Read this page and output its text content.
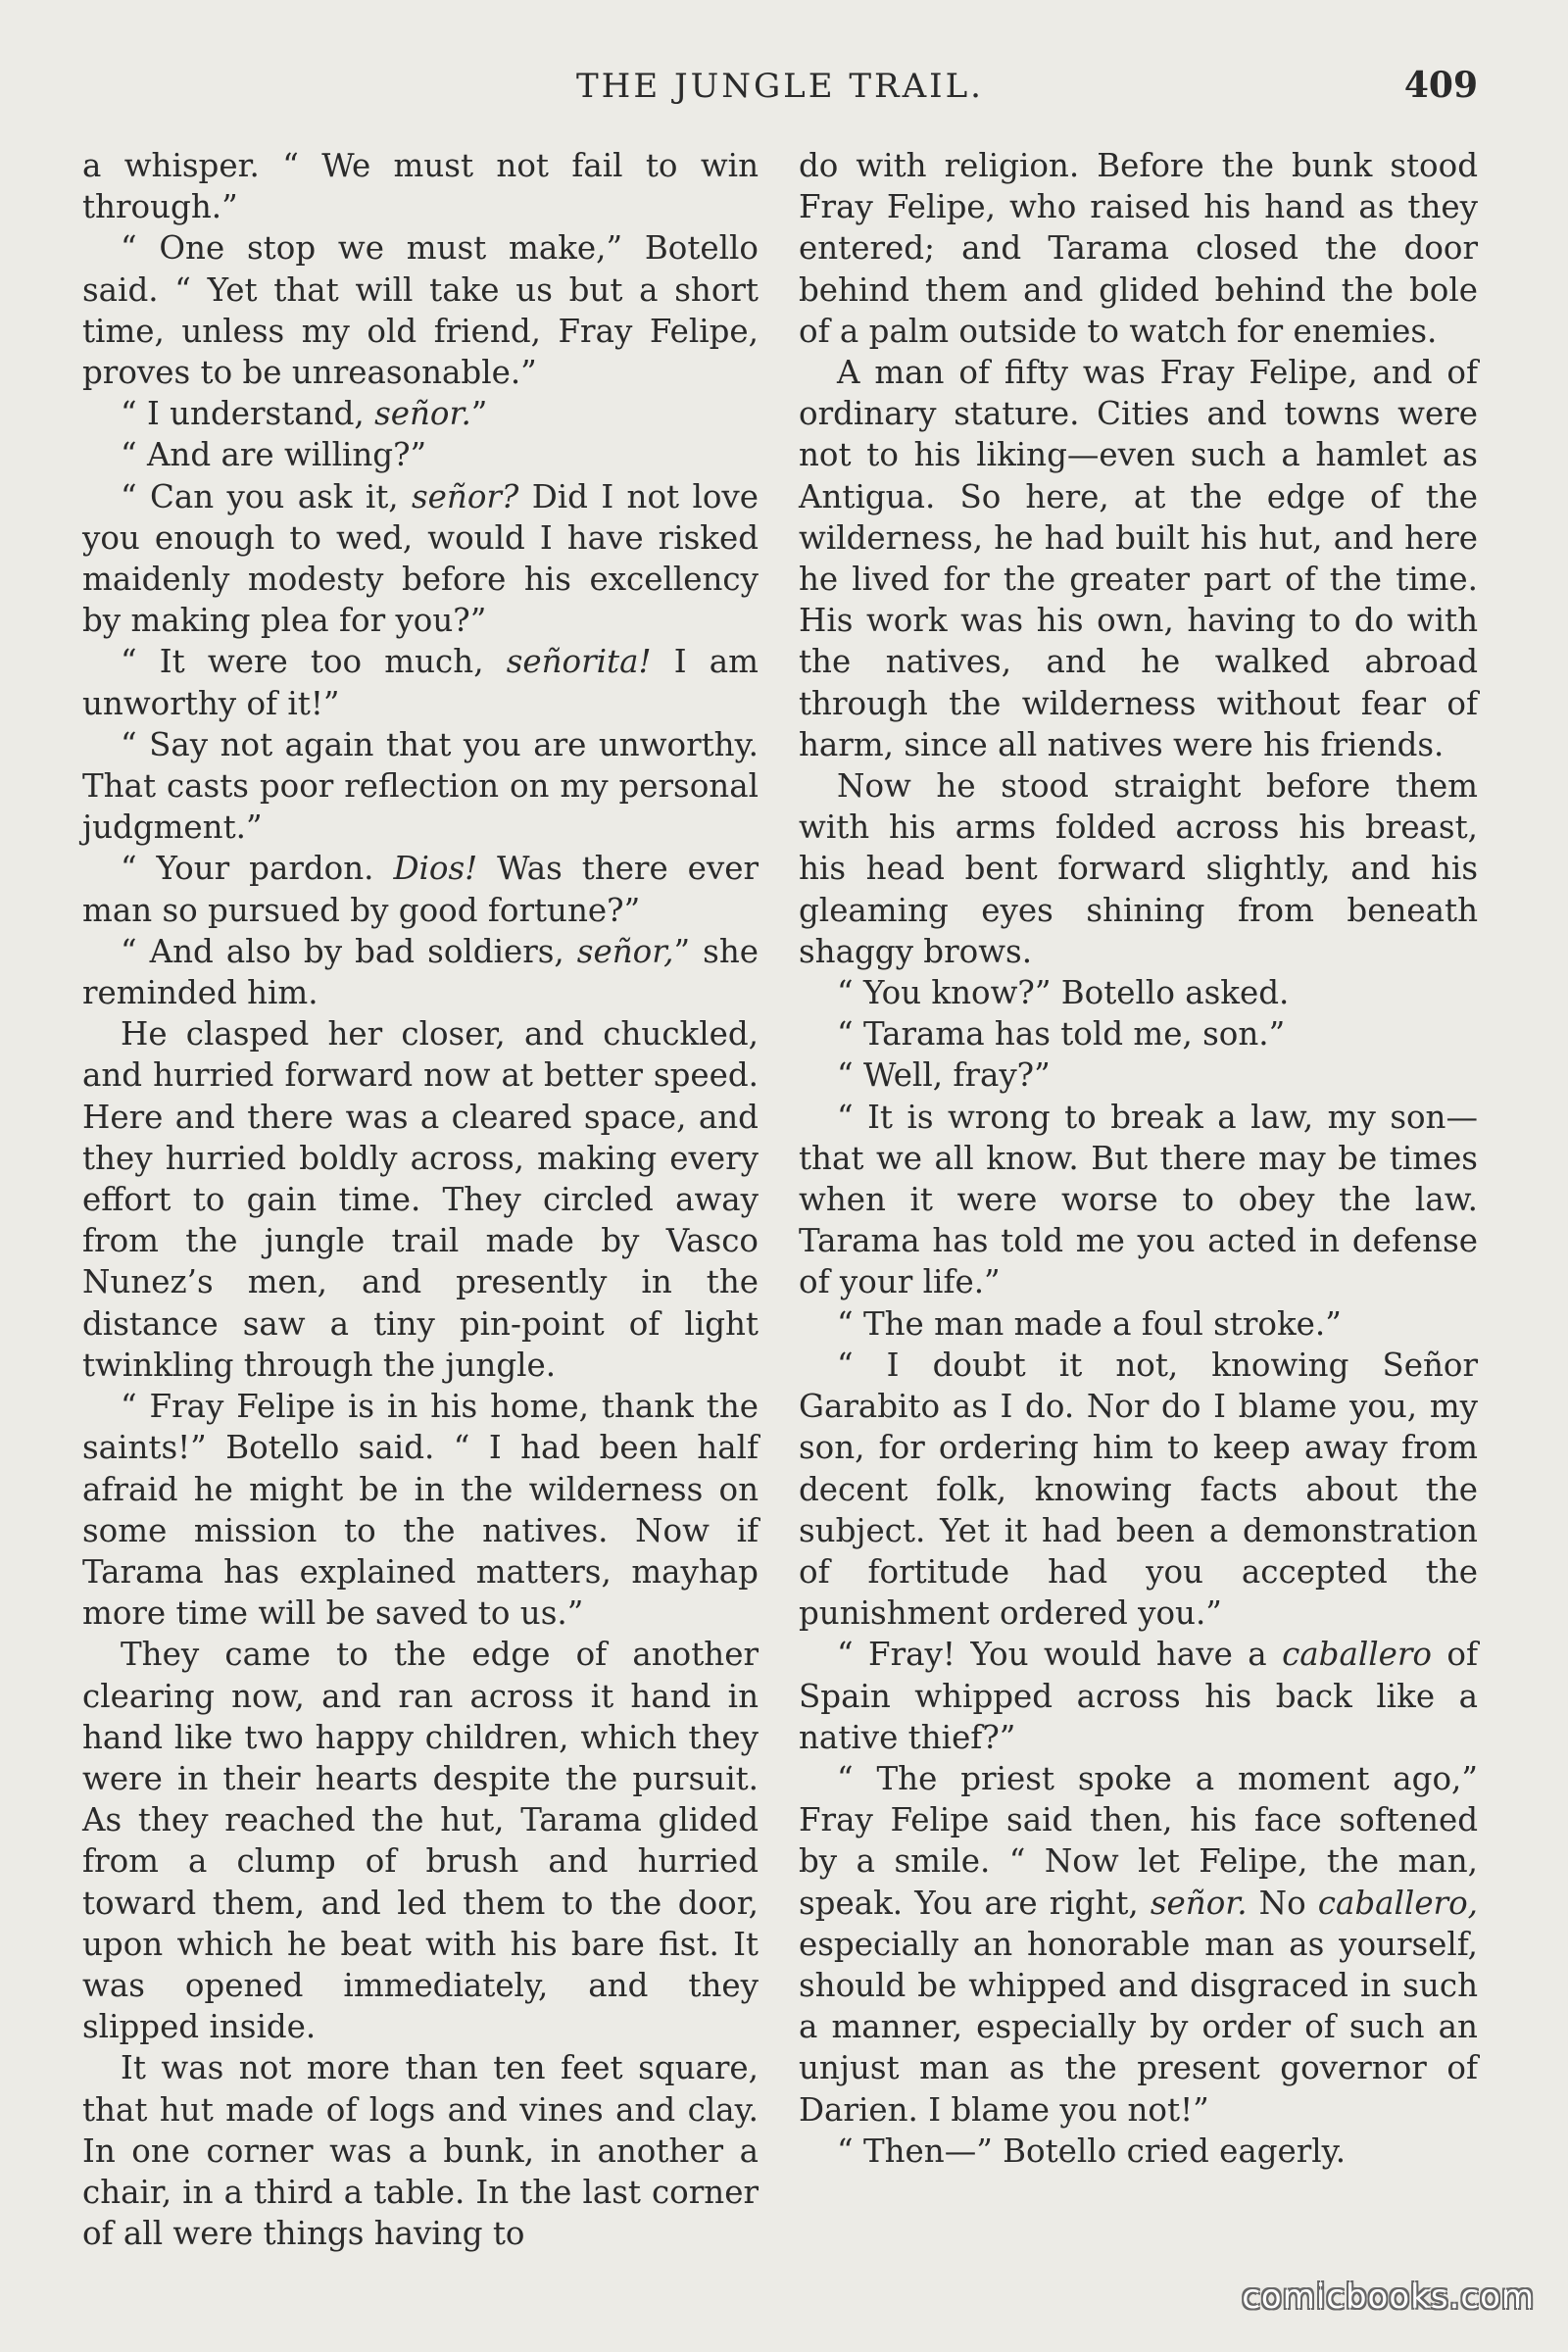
THE JUNGLE TRAIL.	409

a whisper. “ We must not fail to win through.”

“ One stop we must make,” Botello said. “ Yet that will take us but a short time, unless my old friend, Fray Felipe, proves to be unreasonable.”

“ I understand, señor.”

“ And are willing?”

“ Can you ask it, señor? Did I not love you enough to wed, would I have risked maidenly modesty before his excellency by making plea for you?”

“ It were too much, señorita! I am unworthy of it!”

“ Say not again that you are unworthy. That casts poor reflection on my personal judgment.”

“ Your pardon. Dios! Was there ever man so pursued by good fortune?”

“ And also by bad soldiers, señor,” she reminded him.

He clasped her closer, and chuckled, and hurried forward now at better speed. Here and there was a cleared space, and they hurried boldly across, making every effort to gain time. They circled away from the jungle trail made by Vasco Nunez’s men, and presently in the distance saw a tiny pin-point of light twinkling through the jungle.

“ Fray Felipe is in his home, thank the saints!” Botello said. “ I had been half afraid he might be in the wilderness on some mission to the natives. Now if Tarama has explained matters, mayhap more time will be saved to us.”

They came to the edge of another clearing now, and ran across it hand in hand like two happy children, which they were in their hearts despite the pursuit. As they reached the hut, Tarama glided from a clump of brush and hurried toward them, and led them to the door, upon which he beat with his bare fist. It was opened immediately, and they slipped inside.

It was not more than ten feet square, that hut made of logs and vines and clay. In one corner was a bunk, in another a chair, in a third a table. In the last corner of all were things having to

do with religion. Before the bunk stood Fray Felipe, who raised his hand as they entered; and Tarama closed the door behind them and glided behind the bole of a palm outside to watch for enemies.

A man of fifty was Fray Felipe, and of ordinary stature. Cities and towns were not to his liking—even such a hamlet as Antigua. So here, at the edge of the wilderness, he had built his hut, and here he lived for the greater part of the time. His work was his own, having to do with the natives, and he walked abroad through the wilderness without fear of harm, since all natives were his friends.

Now he stood straight before them with his arms folded across his breast, his head bent forward slightly, and his gleaming eyes shining from beneath shaggy brows.

“ You know?” Botello asked.

“ Tarama has told me, son.”

“ Well, fray?”

“ It is wrong to break a law, my son—that we all know. But there may be times when it were worse to obey the law. Tarama has told me you acted in defense of your life.”

“ The man made a foul stroke.”

“ I doubt it not, knowing Señor Garabito as I do. Nor do I blame you, my son, for ordering him to keep away from decent folk, knowing facts about the subject. Yet it had been a demonstration of fortitude had you accepted the punishment ordered you.”

“ Fray! You would have a caballero of Spain whipped across his back like a native thief?”

“ The priest spoke a moment ago,” Fray Felipe said then, his face softened by a smile. “ Now let Felipe, the man, speak. You are right, señor. No caballero, especially an honorable man as yourself, should be whipped and disgraced in such a manner, especially by order of such an unjust man as the present governor of Darien. I blame you not!”

“ Then—” Botello cried eagerly.

comicbooks.com
